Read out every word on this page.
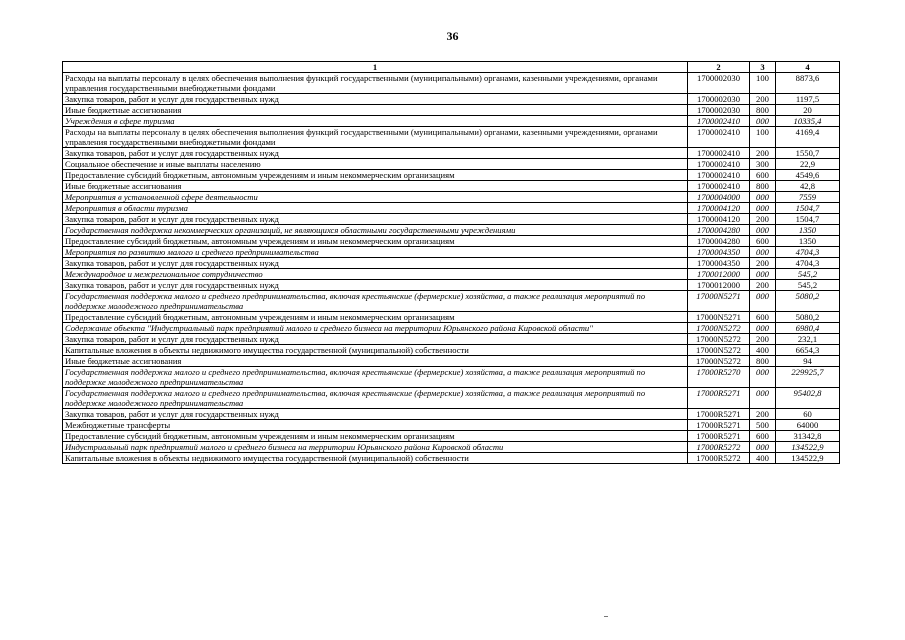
36
1	2	3	4
Расходы на выплаты персоналу в целях обеспечения выполнения функций государственными (муниципальными) органами, казенными учреждениями, органами управления государственными внебюджетными фондами	1700002030	100	8873,6
Закупка товаров, работ и услуг для государственных нужд	1700002030	200	1197,5
Иные бюджетные ассигнования	1700002030	800	20
Учреждения в сфере туризма	1700002410	000	10335,4
Расходы на выплаты персоналу в целях обеспечения выполнения функций государственными (муниципальными) органами, казенными учреждениями, органами управления государственными внебюджетными фондами	1700002410	100	4169,4
Закупка товаров, работ и услуг для государственных нужд	1700002410	200	1550,7
Социальное обеспечение и иные выплаты населению	1700002410	300	22,9
Предоставление субсидий бюджетным, автономным учреждениям и иным некоммерческим организациям	1700002410	600	4549,6
Иные бюджетные ассигнования	1700002410	800	42,8
Мероприятия в установленной сфере деятельности	1700004000	000	7559
Мероприятия в области туризма	1700004120	000	1504,7
Закупка товаров, работ и услуг для государственных нужд	1700004120	200	1504,7
Государственная поддержка некоммерческих организаций, не являющихся областными государственными учреждениями	1700004280	000	1350
Предоставление субсидий бюджетным, автономным учреждениям и иным некоммерческим организациям	1700004280	600	1350
Мероприятия по развитию малого и среднего предпринимательства	1700004350	000	4704,3
Закупка товаров, работ и услуг для государственных нужд	1700004350	200	4704,3
Международное и межрегиональное сотрудничество	1700012000	000	545,2
Закупка товаров, работ и услуг для государственных нужд	1700012000	200	545,2
Государственная поддержка малого и среднего предпринимательства, включая крестьянские (фермерские) хозяйства, а также реализация мероприятий по поддержке молодежного предпринимательства	17000N5271	000	5080,2
Предоставление субсидий бюджетным, автономным учреждениям и иным некоммерческим организациям	17000N5271	600	5080,2
Содержание объекта "Индустриальный парк предприятий малого и среднего бизнеса на территории Юрьянского района Кировской области"	17000N5272	000	6980,4
Закупка товаров, работ и услуг для государственных нужд	17000N5272	200	232,1
Капитальные вложения в объекты недвижимого имущества государственной (муниципальной) собственности	17000N5272	400	6654,3
Иные бюджетные ассигнования	17000N5272	800	94
Государственная поддержка малого и среднего предпринимательства, включая крестьянские (фермерские) хозяйства, а также реализация мероприятий по поддержке молодежного предпринимательства	17000R5270	000	229925,7
Государственная поддержка малого и среднего предпринимательства, включая крестьянские (фермерские) хозяйства, а также реализация мероприятий по поддержке молодежного предпринимательства	17000R5271	000	95402,8
Закупка товаров, работ и услуг для государственных нужд	17000R5271	200	60
Межбюджетные трансферты	17000R5271	500	64000
Предоставление субсидий бюджетным, автономным учреждениям и иным некоммерческим организациям	17000R5271	600	31342,8
Индустриальный парк предприятий малого и среднего бизнеса на территории Юрьянского района Кировской области	17000R5272	000	134522,9
Капитальные вложения в объекты недвижимого имущества государственной (муниципальной) собственности	17000R5272	400	134522,9
